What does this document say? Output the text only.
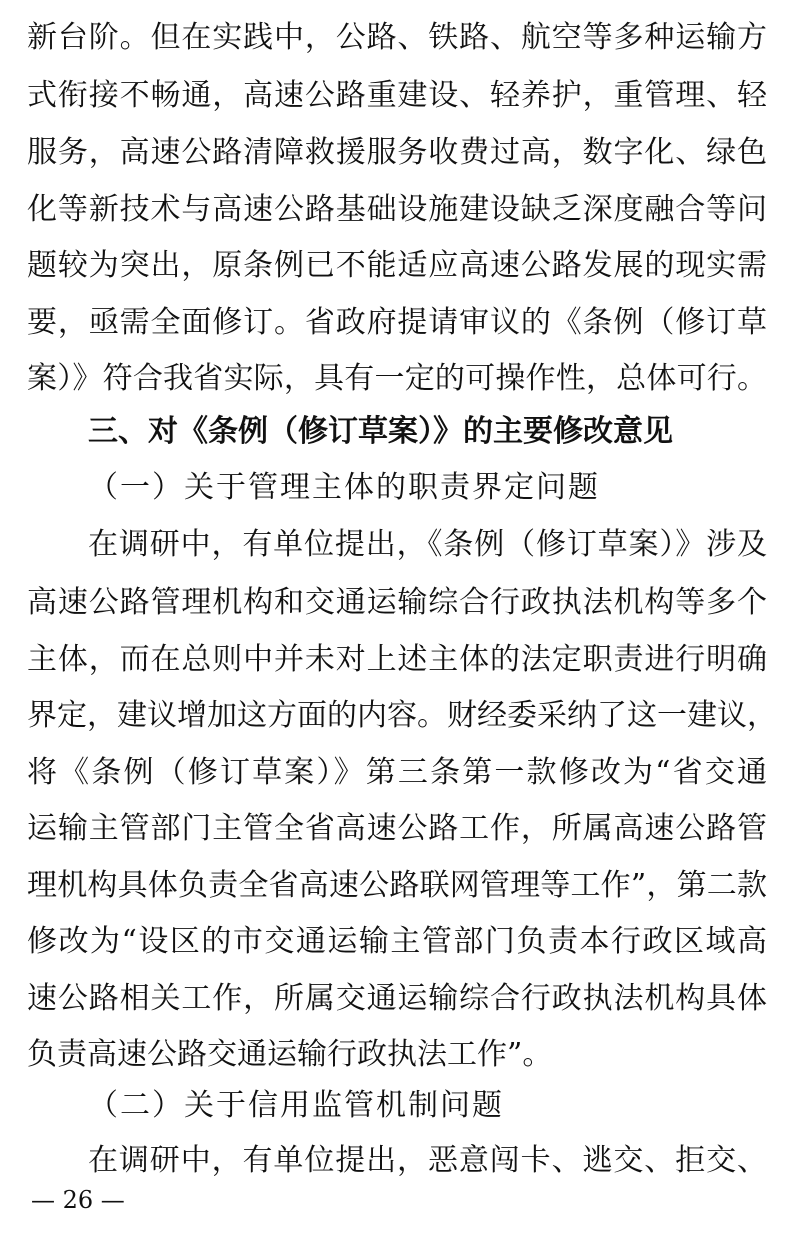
新台阶。但在实践中，公路、铁路、航空等多种运输方
式衔接不畅通，高速公路重建设、轻养护，重管理、轻
服务，高速公路清障救援服务收费过高，数字化、绿色
化等新技术与高速公路基础设施建设缺乏深度融合等问
题较为突出，原条例已不能适应高速公路发展的现实需
要，亟需全面修订。省政府提请审议的《条例（修订草
案）》符合我省实际，具有一定的可操作性，总体可行。
三、对《条例（修订草案）》的主要修改意见
（一）关于管理主体的职责界定问题
在调研中，有单位提出，《条例（修订草案）》涉及
高速公路管理机构和交通运输综合行政执法机构等多个
主体，而在总则中并未对上述主体的法定职责进行明确
界定，建议增加这方面的内容。财经委采纳了这一建议，
将《条例（修订草案）》第三条第一款修改为“省交通
运输主管部门主管全省高速公路工作，所属高速公路管
理机构具体负责全省高速公路联网管理等工作”，第二款
修改为“设区的市交通运输主管部门负责本行政区域高
速公路相关工作，所属交通运输综合行政执法机构具体
负责高速公路交通运输行政执法工作”。
（二）关于信用监管机制问题
在调研中，有单位提出，恶意闯卡、逃交、拒交、
— 26 —
